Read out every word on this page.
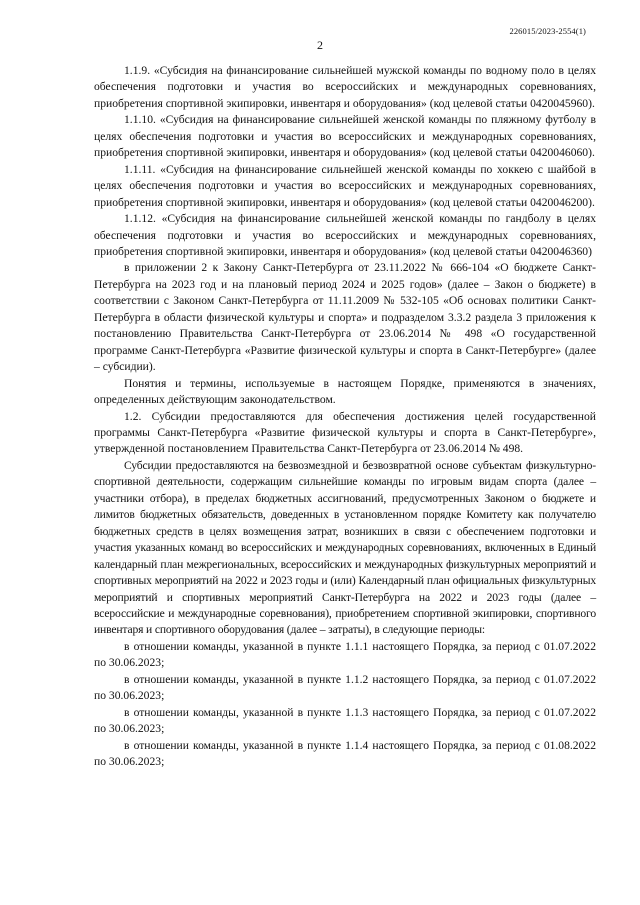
226015/2023-2554(1)
2

1.1.9. «Субсидия на финансирование сильнейшей мужской команды по водному поло в целях обеспечения подготовки и участия во всероссийских и международных соревнованиях, приобретения спортивной экипировки, инвентаря и оборудования» (код целевой статьи 0420045960).

1.1.10. «Субсидия на финансирование сильнейшей женской команды по пляжному футболу в целях обеспечения подготовки и участия во всероссийских и международных соревнованиях, приобретения спортивной экипировки, инвентаря и оборудования» (код целевой статьи 0420046060).

1.1.11. «Субсидия на финансирование сильнейшей женской команды по хоккею с шайбой в целях обеспечения подготовки и участия во всероссийских и международных соревнованиях, приобретения спортивной экипировки, инвентаря и оборудования» (код целевой статьи 0420046200).

1.1.12. «Субсидия на финансирование сильнейшей женской команды по гандболу в целях обеспечения подготовки и участия во всероссийских и международных соревнованиях, приобретения спортивной экипировки, инвентаря и оборудования» (код целевой статьи 0420046360)

в приложении 2 к Закону Санкт-Петербурга от 23.11.2022 № 666-104 «О бюджете Санкт-Петербурга на 2023 год и на плановый период 2024 и 2025 годов» (далее – Закон о бюджете) в соответствии с Законом Санкт-Петербурга от 11.11.2009 № 532-105 «Об основах политики Санкт-Петербурга в области физической культуры и спорта» и подразделом 3.3.2 раздела 3 приложения к постановлению Правительства Санкт-Петербурга от 23.06.2014 № 498 «О государственной программе Санкт-Петербурга «Развитие физической культуры и спорта в Санкт-Петербурге» (далее – субсидии).

Понятия и термины, используемые в настоящем Порядке, применяются в значениях, определенных действующим законодательством.

1.2. Субсидии предоставляются для обеспечения достижения целей государственной программы Санкт-Петербурга «Развитие физической культуры и спорта в Санкт-Петербурге», утвержденной постановлением Правительства Санкт-Петербурга от 23.06.2014 № 498.

Субсидии предоставляются на безвозмездной и безвозвратной основе субъектам физкультурно-спортивной деятельности, содержащим сильнейшие команды по игровым видам спорта (далее – участники отбора), в пределах бюджетных ассигнований, предусмотренных Законом о бюджете и лимитов бюджетных обязательств, доведенных в установленном порядке Комитету как получателю бюджетных средств в целях возмещения затрат, возникших в связи с обеспечением подготовки и участия указанных команд во всероссийских и международных соревнованиях, включенных в Единый календарный план межрегиональных, всероссийских и международных физкультурных мероприятий и спортивных мероприятий на 2022 и 2023 годы и (или) Календарный план официальных физкультурных мероприятий и спортивных мероприятий Санкт-Петербурга на 2022 и 2023 годы (далее – всероссийские и международные соревнования), приобретением спортивной экипировки, спортивного инвентаря и спортивного оборудования (далее – затраты), в следующие периоды:

в отношении команды, указанной в пункте 1.1.1 настоящего Порядка, за период с 01.07.2022 по 30.06.2023;

в отношении команды, указанной в пункте 1.1.2 настоящего Порядка, за период с 01.07.2022 по 30.06.2023;

в отношении команды, указанной в пункте 1.1.3 настоящего Порядка, за период с 01.07.2022 по 30.06.2023;

в отношении команды, указанной в пункте 1.1.4 настоящего Порядка, за период с 01.08.2022 по 30.06.2023;
